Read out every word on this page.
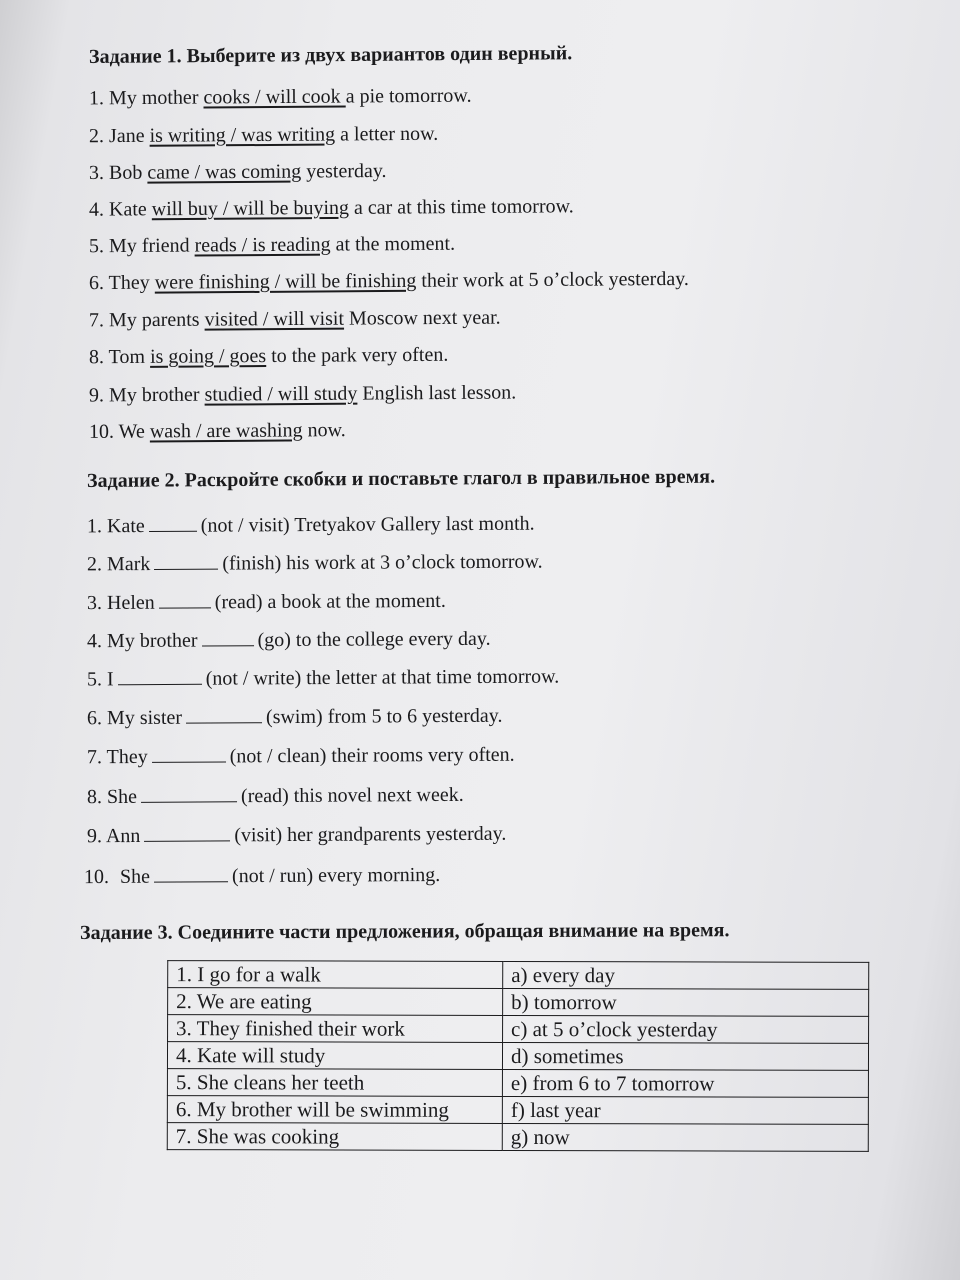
Задание 1. Выберите из двух вариантов один верный.
1. My mother cooks / will cook a pie tomorrow.
2. Jane is writing / was writing a letter now.
3. Bob came / was coming yesterday.
4. Kate will buy / will be buying a car at this time tomorrow.
5. My friend reads / is reading at the moment.
6. They were finishing / will be finishing their work at 5 o’clock yesterday.
7. My parents visited / will visit Moscow next year.
8. Tom is going / goes to the park very often.
9. My brother studied / will study English last lesson.
10. We wash / are washing now.
Задание 2. Раскройте скобки и поставьте глагол в правильное время.
1. Kate	(not / visit) Tretyakov Gallery last month.
2. Mark	(finish) his work at 3 o’clock tomorrow.
3. Helen	(read) a book at the moment.
4. My brother	(go) to the college every day.
5. I	(not / write) the letter at that time tomorrow.
6. My sister	(swim) from 5 to 6 yesterday.
7. They	(not / clean) their rooms very often.
8. She	(read) this novel next week.
9. Ann	(visit) her grandparents yesterday.
10. She	(not / run) every morning.
Задание 3. Соедините части предложения, обращая внимание на время.
1. I go for a walk	a) every day
2. We are eating	b) tomorrow
3. They finished their work	c) at 5 o’clock yesterday
4. Kate will study	d) sometimes
5. She cleans her teeth	e) from 6 to 7 tomorrow
6. My brother will be swimming	f) last year
7. She was cooking	g) now
